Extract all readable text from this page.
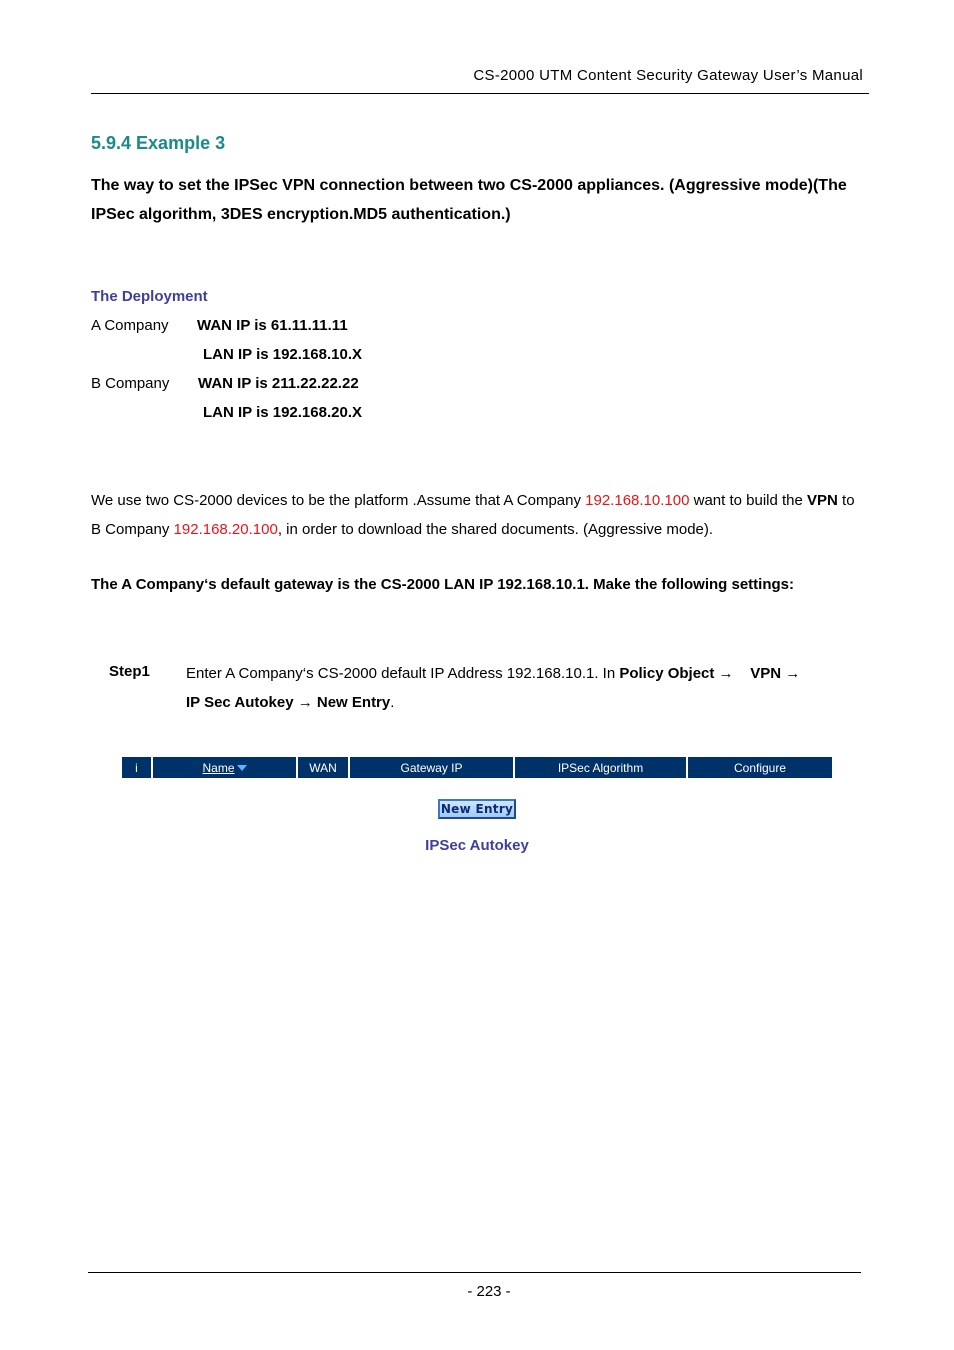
CS-2000 UTM Content Security Gateway User’s Manual
5.9.4 Example 3
The way to set the IPSec VPN connection between two CS-2000 appliances. (Aggressive mode)(The IPSec algorithm, 3DES encryption.MD5 authentication.)
The Deployment
A Company WAN IP is 61.11.11.11
LAN IP is 192.168.10.X
B Company WAN IP is 211.22.22.22
LAN IP is 192.168.20.X
We use two CS-2000 devices to be the platform .Assume that A Company 192.168.10.100 want to build the VPN to B Company 192.168.20.100, in order to download the shared documents. (Aggressive mode).
The A Company‘s default gateway is the CS-2000 LAN IP 192.168.10.1. Make the following settings:
Step1 Enter A Company‘s CS-2000 default IP Address 192.168.10.1. In Policy Object →    VPN →
IP Sec Autokey → New Entry.
i	Name	WAN	Gateway IP	IPSec Algorithm	Configure
New Entry
IPSec Autokey
- 223 -
